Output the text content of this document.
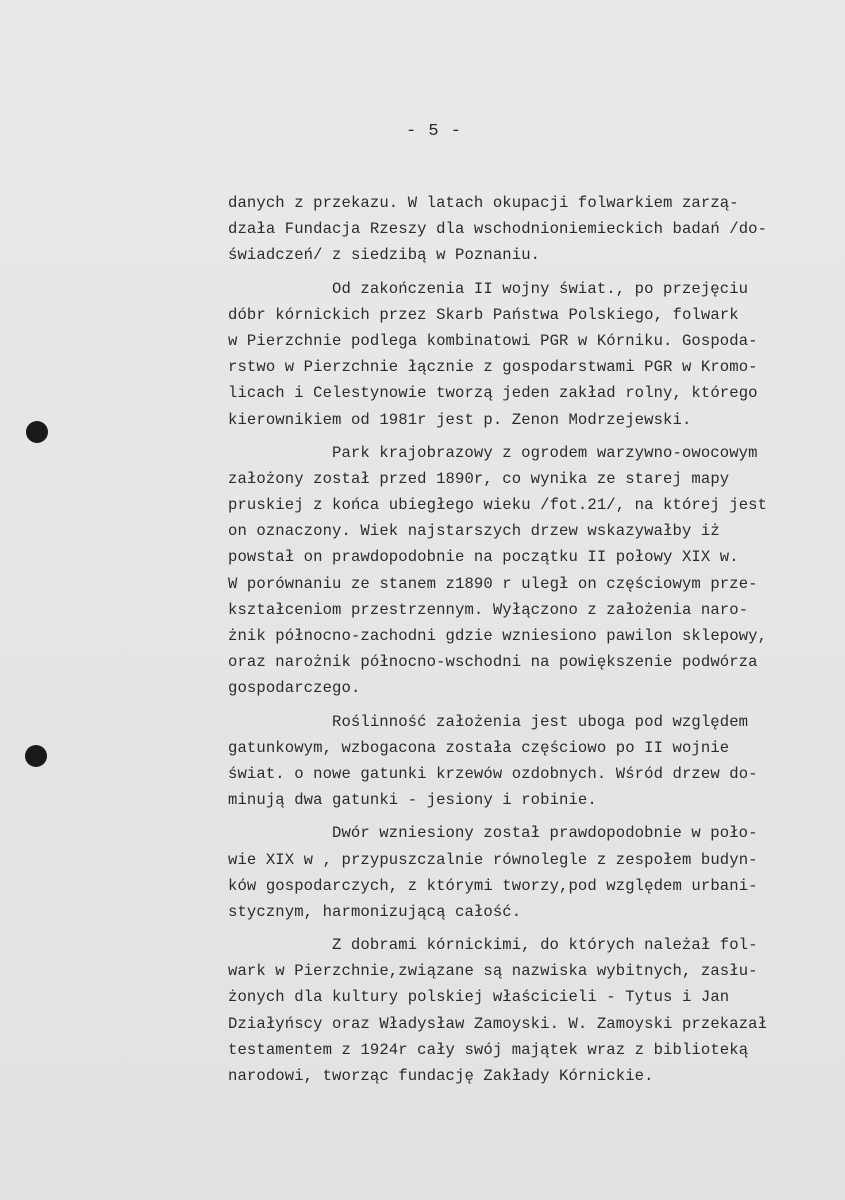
- 5 -
danych z przekazu. W latach okupacji folwarkiem zarzą-
dzała Fundacja Rzeszy dla wschodnioniemieckich badań /do-
świadczeń/ z siedzibą w Poznaniu.
Od zakończenia II wojny świat., po przejęciu
dóbr kórnickich przez Skarb Państwa Polskiego, folwark
w Pierzchnie podlega kombinatowi PGR w Kórniku. Gospoda-
rstwo w Pierzchnie łącznie z gospodarstwami PGR w Kromo-
licach i Celestynowie tworzą jeden zakład rolny, którego
kierownikiem od 1981r jest p. Zenon Modrzejewski.
Park krajobrazowy z ogrodem warzywno-owocowym
założony został przed 1890r, co wynika ze starej mapy
pruskiej z końca ubiegłego wieku /fot.21/, na której jest
on oznaczony. Wiek najstarszych drzew wskazywałby iż
powstał on prawdopodobnie na początku II połowy XIX w.
W porównaniu ze stanem z1890 r uległ on częściowym prze-
kształceniom przestrzennym. Wyłączono z założenia naro-
żnik północno-zachodni gdzie wzniesiono pawilon sklepowy,
oraz narożnik północno-wschodni na powiększenie podwórza
gospodarczego.
Roślinność założenia jest uboga pod względem
gatunkowym, wzbogacona została częściowo po II wojnie
świat. o nowe gatunki krzewów ozdobnych. Wśród drzew do-
minują dwa gatunki - jesiony i robinie.
Dwór wzniesiony został prawdopodobnie w poło-
wie XIX w , przypuszczalnie równolegle z zespołem budyn-
ków gospodarczych, z którymi tworzy,pod względem urbani-
stycznym, harmonizującą całość.
Z dobrami kórnickimi, do których należał fol-
wark w Pierzchnie,związane są nazwiska wybitnych, zasłu-
żonych dla kultury polskiej właścicieli - Tytus i Jan
Działyńscy oraz Władysław Zamoyski. W. Zamoyski przekazał
testamentem z 1924r cały swój majątek wraz z biblioteką
narodowi, tworząc fundację Zakłady Kórnickie.
